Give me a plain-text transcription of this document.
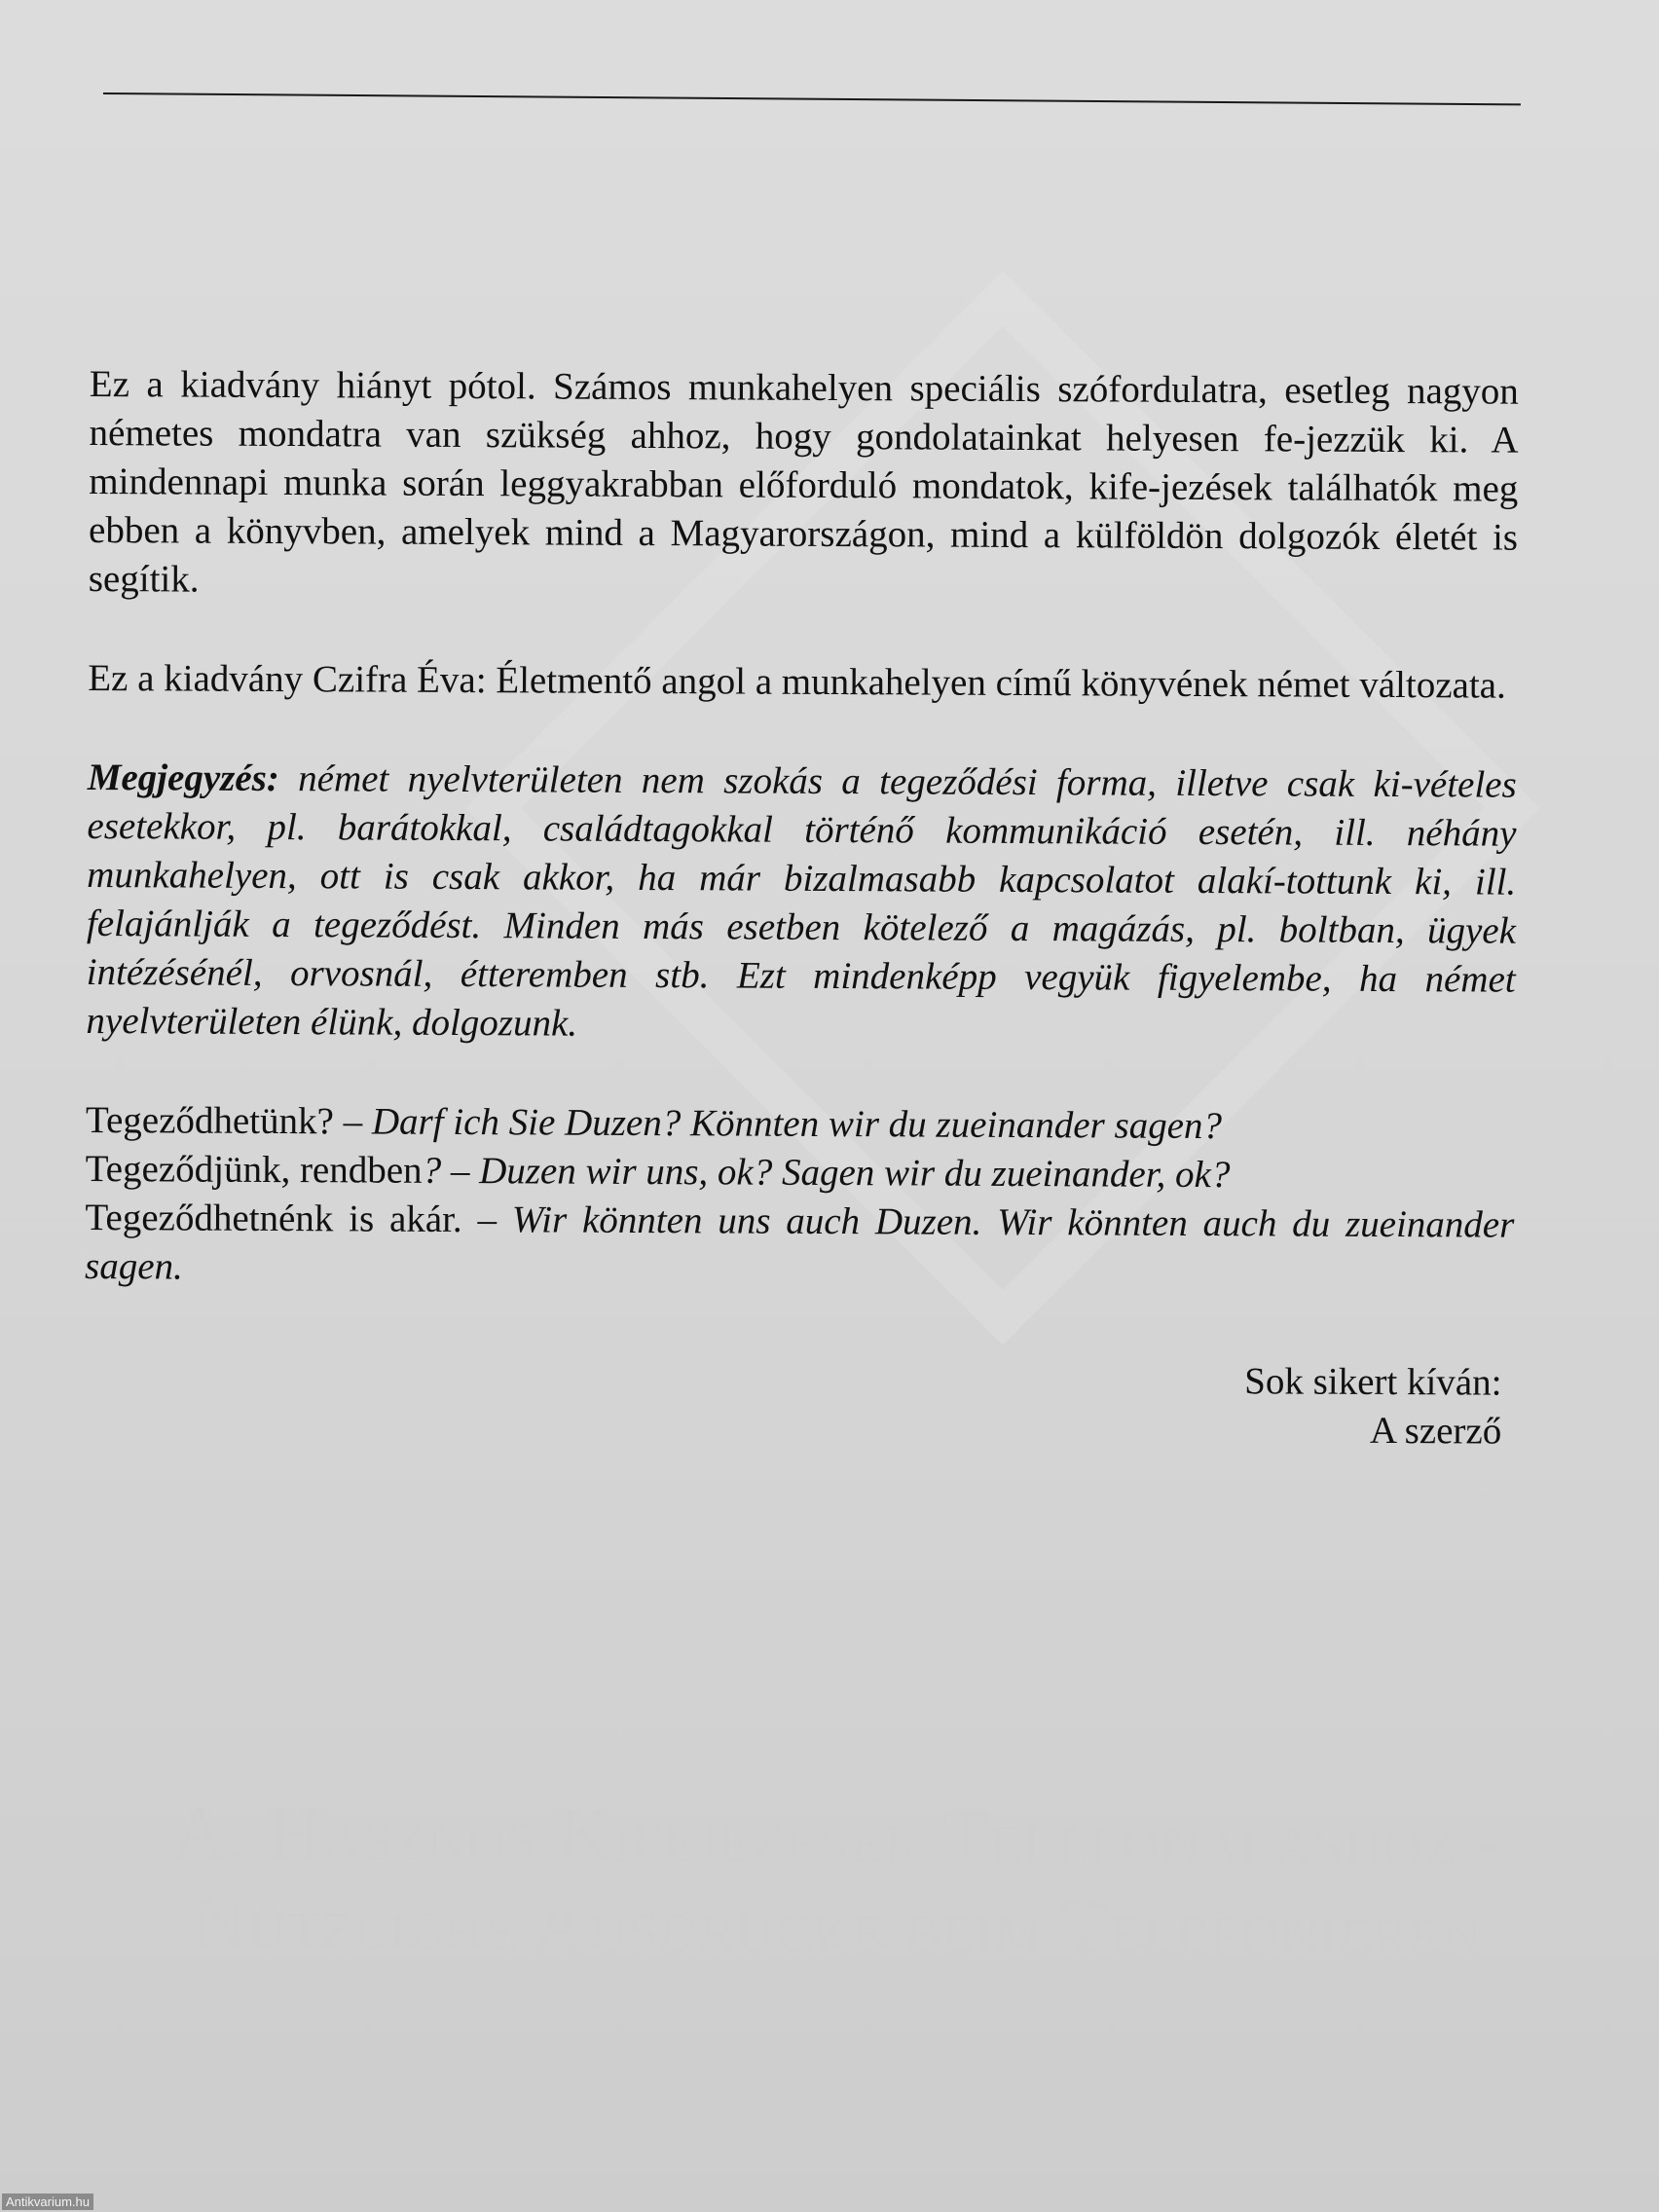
Ez a kiadvány hiányt pótol. Számos munkahelyen speciális szófordulatra, esetleg nagyon németes mondatra van szükség ahhoz, hogy gondolatainkat helyesen fe-jezzük ki. A mindennapi munka során leggyakrabban előforduló mondatok, kife-jezések találhatók meg ebben a könyvben, amelyek mind a Magyarországon, mind a külföldön dolgozók életét is segítik.

Ez a kiadvány Czifra Éva: Életmentő angol a munkahelyen című könyvének német változata.

Megjegyzés: német nyelvterületen nem szokás a tegeződési forma, illetve csak ki-vételes esetekkor, pl. barátokkal, családtagokkal történő kommunikáció esetén, ill. néhány munkahelyen, ott is csak akkor, ha már bizalmasabb kapcsolatot alakí-tottunk ki, ill. felajánlják a tegeződést. Minden más esetben kötelező a magázás, pl. boltban, ügyek intézésénél, orvosnál, étteremben stb. Ezt mindenképp vegyük figyelembe, ha német nyelvterületen élünk, dolgozunk.

Tegeződhetünk? – Darf ich Sie Duzen? Könnten wir du zueinander sagen?
Tegeződjünk, rendben? – Duzen wir uns, ok? Sagen wir du zueinander, ok?
Tegeződhetnénk is akár. – Wir könnten uns auch Duzen. Wir könnten auch du zueinander sagen.
Sok sikert kíván:
A szerző
A. Hasznos Kifejezések Telefonáláshoz -
Nützliche Ausdrücke beim Telefonieren
Antikvarium.hu
